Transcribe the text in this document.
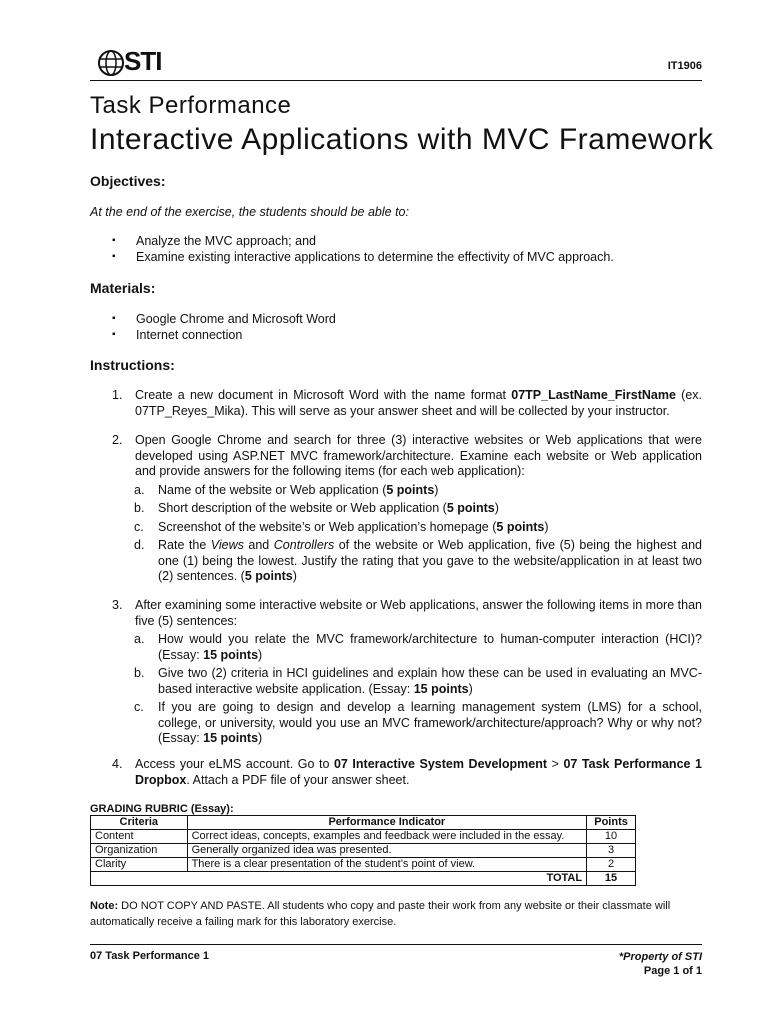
STI	IT1906
Task Performance
Interactive Applications with MVC Framework
Objectives:
At the end of the exercise, the students should be able to:
▪ Analyze the MVC approach; and
▪ Examine existing interactive applications to determine the effectivity of MVC approach.
Materials:
▪ Google Chrome and Microsoft Word
▪ Internet connection
Instructions:
1.	Create a new document in Microsoft Word with the name format 07TP_LastName_FirstName (ex. 07TP_Reyes_Mika). This will serve as your answer sheet and will be collected by your instructor.
2.	Open Google Chrome and search for three (3) interactive websites or Web applications that were developed using ASP.NET MVC framework/architecture. Examine each website or Web application and provide answers for the following items (for each web application):
a. Name of the website or Web application (5 points)
b. Short description of the website or Web application (5 points)
c. Screenshot of the website’s or Web application’s homepage (5 points)
d. Rate the Views and Controllers of the website or Web application, five (5) being the highest and one (1) being the lowest. Justify the rating that you gave to the website/application in at least two (2) sentences. (5 points)
3.	After examining some interactive website or Web applications, answer the following items in more than five (5) sentences:
a. How would you relate the MVC framework/architecture to human-computer interaction (HCI)? (Essay: 15 points)
b. Give two (2) criteria in HCI guidelines and explain how these can be used in evaluating an MVC-based interactive website application. (Essay: 15 points)
c. If you are going to design and develop a learning management system (LMS) for a school, college, or university, would you use an MVC framework/architecture/approach? Why or why not? (Essay: 15 points)
4.	Access your eLMS account. Go to 07 Interactive System Development > 07 Task Performance 1 Dropbox. Attach a PDF file of your answer sheet.
GRADING RUBRIC (Essay):
Criteria	Performance Indicator	Points
Content	Correct ideas, concepts, examples and feedback were included in the essay.	10
Organization	Generally organized idea was presented.	3
Clarity	There is a clear presentation of the student’s point of view.	2
TOTAL		15
Note: DO NOT COPY AND PASTE. All students who copy and paste their work from any website or their classmate will automatically receive a failing mark for this laboratory exercise.
07 Task Performance 1	*Property of STI
Page 1 of 1
